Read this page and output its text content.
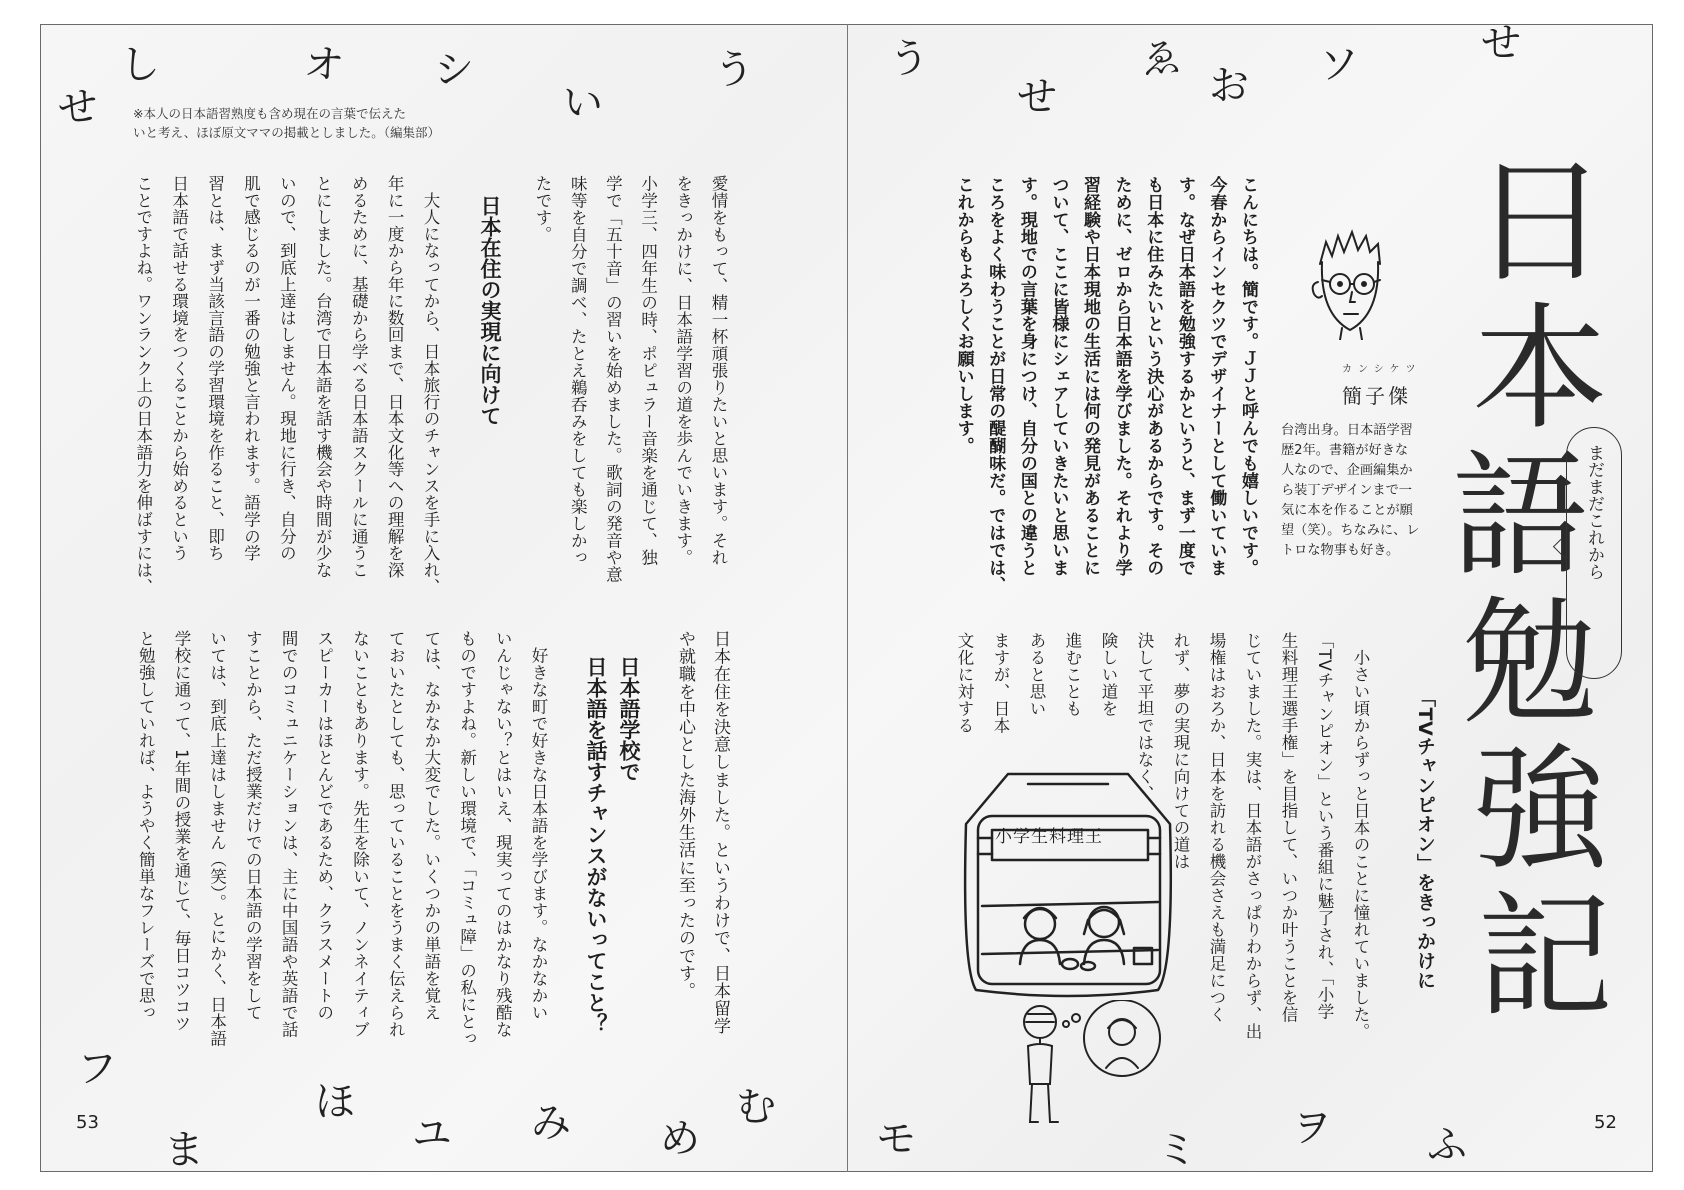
せ
し	オ シ
い
う	う
せ
ゑ
お ソ	せ
フ
ほ
ま	ユ み め
む
モ	ミ ヲ ふ
※本人の日本語習熟度も含め現在の言葉で伝えた
いと考え、ほぼ原文ママの掲載としました。（編集部）
愛情をもって、精一杯頑張りたいと思います。それ
をきっかけに、日本語学習の道を歩んでいきます。
小学三、四年生の時、ポピュラー音楽を通じて、独
学で「五十音」の習いを始めました。歌詞の発音や意
味等を自分で調べ、たとえ鵜呑みをしても楽しかっ
たです。
日本在住の実現に向けて
　大人になってから、日本旅行のチャンスを手に入れ、
年に一度から年に数回まで、日本文化等への理解を深
めるために、基礎から学べる日本語スクールに通うこ
とにしました。台湾で日本語を話す機会や時間が少な
いので、到底上達はしません。現地に行き、自分の
肌で感じるのが一番の勉強と言われます。語学の学
習とは、まず当該言語の学習環境を作ること、即ち
日本語で話せる環境をつくることから始めるという
ことですよね。ワンランク上の日本語力を伸ばすには、
日本在住を決意しました。というわけで、日本留学
や就職を中心とした海外生活に至ったのです。
日本語学校で
日本語を話すチャンスがないってこと？
　好きな町で好きな日本語を学びます。なかなかい
いんじゃない？とはいえ、現実ってのはかなり残酷な
ものですよね。新しい環境で、「コミュ障」の私にとっ
ては、なかなか大変でした。いくつかの単語を覚え
ておいたとしても、思っていることをうまく伝えられ
ないこともあります。先生を除いて、ノンネイティブ
スピーカーはほとんどであるため、クラスメートの
間でのコミュニケーションは、主に中国語や英語で話
すことから、ただ授業だけでの日本語の学習をして
いては、到底上達はしません（笑）。とにかく、日本語
学校に通って、1年間の授業を通じて、毎日コツコツ
と勉強していれば、ようやく簡単なフレーズで思っ
53
日
本
語
勉
強
記
まだまだこれから
カンシケツ
簡子傑
台湾出身。日本語学習
歴2年。書籍が好きな
人なので、企画編集か
ら装丁デザインまで一
気に本を作ることが願
望（笑）。ちなみに、レ
トロな物事も好き。
こんにちは。簡です。ＪＪと呼んでも嬉しいです。
今春からインセクツでデザイナーとして働いていま
す。なぜ日本語を勉強するかというと、まず一度で
も日本に住みたいという決心があるからです。その
ために、ゼロから日本語を学びました。それより学
習経験や日本現地の生活には何の発見があることに
ついて、ここに皆様にシェアしていきたいと思いま
す。現地での言葉を身につけ、自分の国との違うと
ころをよく味わうことが日常の醍醐味だ。ではでは、
これからもよろしくお願いします。
「TVチャンピオン」をきっかけに
　小さい頃からずっと日本のことに憧れていました。
「TVチャンピオン」という番組に魅了され、「小学
生料理王選手権」を目指して、いつか叶うことを信
じていました。実は、日本語がさっぱりわからず、出
場権はおろか、日本を訪れる機会さえも満足につく
れず、夢の実現に向けての道は
決して平坦ではなく、
険しい道を
進むことも
あると思い
ますが、日本
文化に対する
小学生料理王
52
